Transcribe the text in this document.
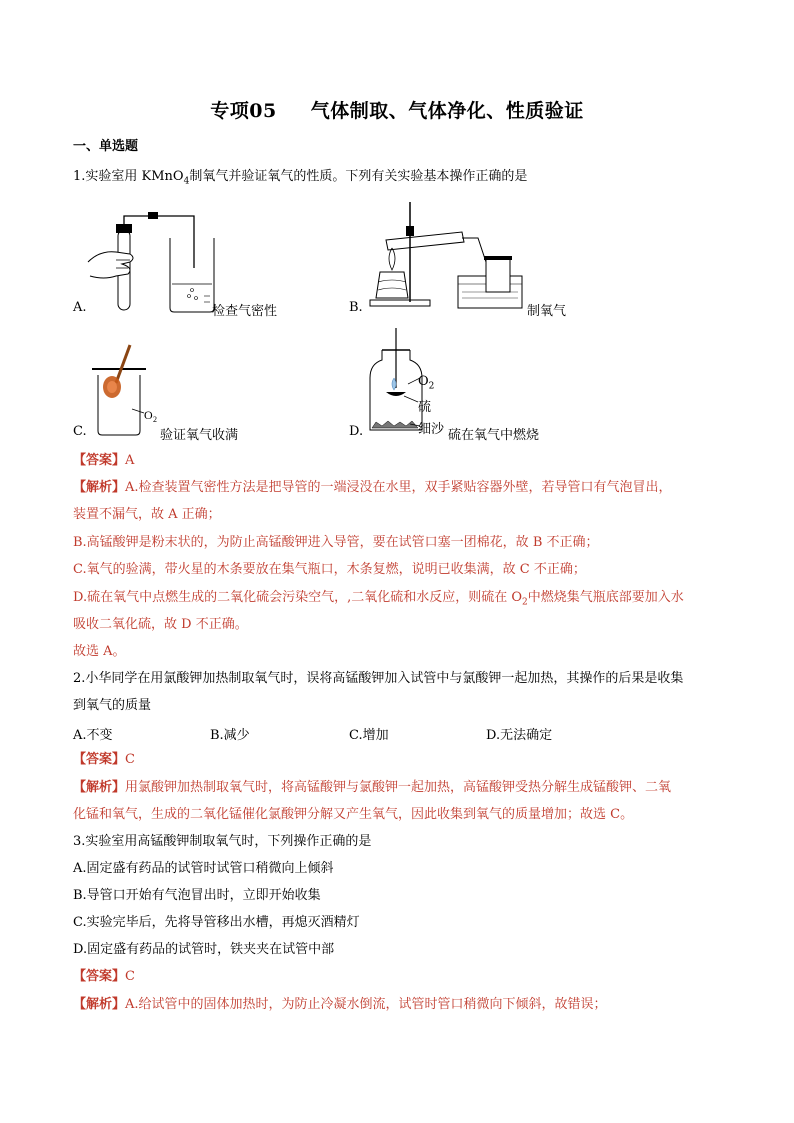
专项05 气体制取、气体净化、性质验证
一、单选题
1.实验室用 KMnO$_4$制氧气并验证氧气的性质。下列有关实验基本操作正确的是
A.	检查气密性	B.	制氧气
C.
O 2
验证氧气收满	D.
$O_2$
硫
细沙 硫在氧气中燃烧
【答案】A
【解析】A.检查装置气密性方法是把导管的一端浸没在水里，双手紧贴容器外壁，若导管口有气泡冒出，
装置不漏气，故 A 正确；
B.高锰酸钾是粉末状的，为防止高锰酸钾进入导管，要在试管口塞一团棉花，故 B 不正确；
C.氧气的验满，带火星的木条要放在集气瓶口，木条复燃，说明已收集满，故 C 不正确；
D.硫在氧气中点燃生成的二氧化硫会污染空气，,二氧化硫和水反应，则硫在 $O_2$中燃烧集气瓶底部要加入水
吸收二氧化硫，故 D 不正确。
故选 A。
2.小华同学在用氯酸钾加热制取氧气时，误将高锰酸钾加入试管中与氯酸钾一起加热，其操作的后果是收集
到氧气的质量
A.不变	B.减少	C.增加	D.无法确定
【答案】C
【解析】用氯酸钾加热制取氧气时，将高锰酸钾与氯酸钾一起加热，高锰酸钾受热分解生成锰酸钾、二氧
化锰和氧气，生成的二氧化锰催化氯酸钾分解又产生氧气，因此收集到氧气的质量增加；故选 C。
3.实验室用高锰酸钾制取氧气时，下列操作正确的是
A.固定盛有药品的试管时试管口稍微向上倾斜
B.导管口开始有气泡冒出时，立即开始收集
C.实验完毕后，先将导管移出水槽，再熄灭酒精灯
D.固定盛有药品的试管时，铁夹夹在试管中部
【答案】C
【解析】A.给试管中的固体加热时，为防止冷凝水倒流，试管时管口稍微向下倾斜，故错误；
